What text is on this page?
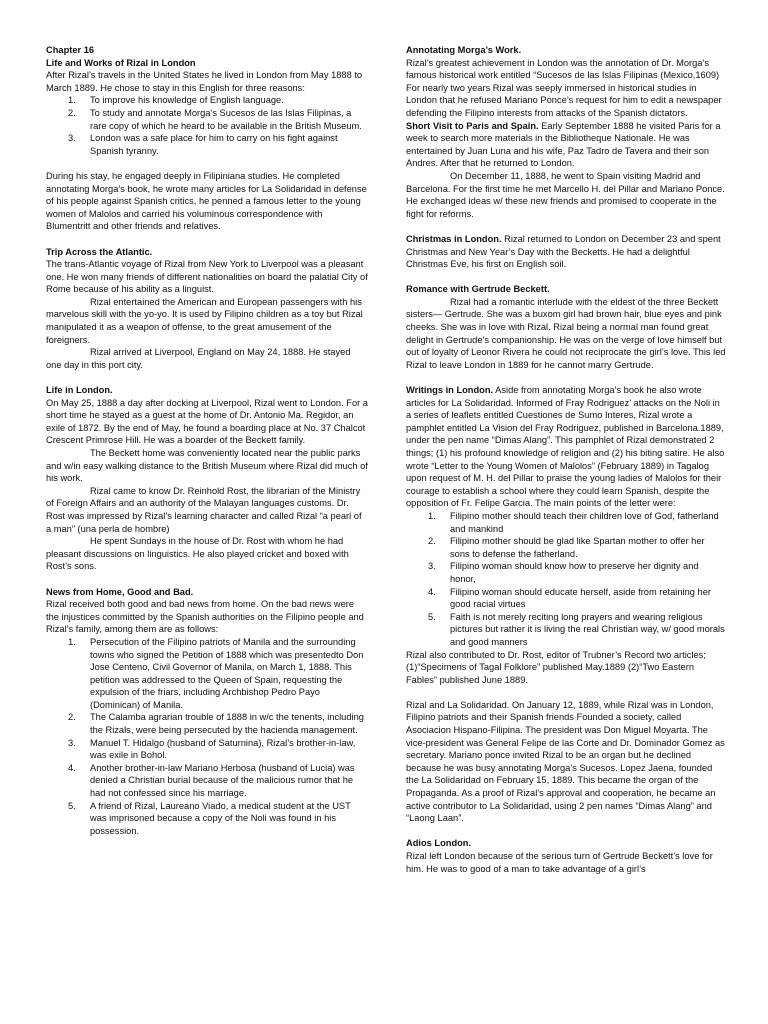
Chapter 16

Life and Works of Rizal in London

After Rizal’s travels in the United States he lived in London from May 1888 to March 1889. He chose to stay in this English for three reasons:

1. To improve his knowledge of English language.
2. To study and annotate Morga’s Sucesos de las Islas Filipinas, a rare copy of which he heard to be available in the British Museum.
3. London was a safe place for him to carry on his fight against Spanish tyranny.

During his stay, he engaged deeply in Filipiniana studies. He completed annotating Morga’s book, he wrote many articles for La Solidaridad in defense of his people against Spanish critics, he penned a famous letter to the young women of Malolos and carried his voluminous correspondence with Blumentritt and other friends and relatives.

Trip Across the Atlantic.

The trans-Atlantic voyage of Rizal from New York to Liverpool was a pleasant one. He won many friends of different nationalities on board the palatial City of Rome because of his ability as a linguist.

Rizal entertained the American and European passengers with his marvelous skill with the yo-yo. It is used by Filipino children as a toy but Rizal manipulated it as a weapon of offense, to the great amusement of the foreigners.

Rizal arrived at Liverpool, England on May 24, 1888. He stayed one day in this port city.

Life in London.

On May 25, 1888 a day after docking at Liverpool, Rizal went to London. For a short time he stayed as a guest at the home of Dr. Antonio Ma. Regidor, an exile of 1872. By the end of May, he found a boarding place at No. 37 Chalcot Crescent Primrose Hill. He was a boarder of the Beckett family.

The Beckett home was conveniently located near the public parks and w/in easy walking distance to the British Museum where Rizal did much of his work.

Rizal came to know Dr. Reinhold Rost, the librarian of the Ministry of Foreign Affairs and an authority of the Malayan languages customs. Dr. Rost was impressed by Rizal’s learning character and called Rizal “a pearl of a man” (una perla de hombre)

He spent Sundays in the house of Dr. Rost with whom he had pleasant discussions on linguistics. He also played cricket and boxed with Rost’s sons.

News from Home, Good and Bad.

Rizal received both good and bad news from home. On the bad news were the injustices committed by the Spanish authorities on the Filipino people and Rizal’s family, among them are as follows:

1. Persecution of the Filipino patriots of Manila and the surrounding towns who signed the Petition of 1888 which was presentedto Don Jose Centeno, Civil Governor of Manila, on March 1, 1888. This petition was addressed to the Queen of Spain, requesting the expulsion of the friars, including Archbishop Pedro Payo (Dominican) of Manila.
2. The Calamba agrarian trouble of 1888 in w/c the tenents, including the Rizals, were being persecuted by the hacienda management.
3. Manuel T. Hidalgo (husband of Saturnina), Rizal’s brother-in-law, was exile in Bohol.
4. Another brother-in-law Mariano Herbosa (husband of Lucia) was denied a Christian burial because of the malicious rumor that he had not confessed since his marriage.
5. A friend of Rizal, Laureano Viado, a medical student at the UST was imprisoned because a copy of the Noli was found in his possession.

Annotating Morga’s Work.

Rizal’s greatest achievement in London was the annotation of Dr. Morga’s famous historical work entitled “Sucesos de las Islas Filipinas (Mexico,1609) For nearly two years Rizal was seeply immersed in historical studies in London that he refused Mariano Ponce’s request for him to edit a newspaper defending the Filipino interests from attacks of the Spanish dictators.

Short Visit to Paris and Spain. Early September 1888 he visited Paris for a week to search more materials in the Bibliotheque Nationale. He was entertained by Juan Luna and his wife, Paz Tadro de Tavera and their son Andres. After that he returned to London.

On December 11, 1888, he went to Spain visiting Madrid and Barcelona. For the first time he met Marcello H. del Pillar and Mariano Ponce. He exchanged ideas w/ these new friends and promised to cooperate in the fight for reforms.

Christmas in London. Rizal returned to London on December 23 and spent Christmas and New Year’s Day with the Becketts. He had a delightful Christmas Eve, his first on English soil.

Romance with Gertrude Beckett.

Rizal had a romantic interlude with the eldest of the three Beckett sisters— Gertrude. She was a buxom girl had brown hair, blue eyes and pink cheeks. She was in love with Rizal. Rizal being a normal man found great delight in Gertrude’s companionship. He was on the verge of love himself but out of loyalty of Leonor Rivera he could not reciprocate the girl’s love. This led Rizal to leave London in 1889 for he cannot marry Gertrude.

Writings in London. Aside from annotating Morga’s book he also wrote articles for La Solidaridad. Informed of Fray Rodriguez’ attacks on the Noli in a series of leaflets entitled Cuestiones de Sumo Interes, Rizal wrote a pamphlet entitled La Vision del Fray Rodriguez, published in Barcelona.1889, under the pen name “Dimas Alang”. This pamphlet of Rizal demonstrated 2 things; (1) his profound knowledge of religion and (2) his biting satire. He also wrote “Letter to the Young Women of Malolos” (February 1889) in Tagalog upon request of M. H. del Pillar to praise the young ladies of Malolos for their courage to establish a school where they could learn Spanish, despite the opposition of Fr. Felipe Garcia. The main points of the letter were:

1. Filipino mother should teach their children love of God, fatherland and mankind
2. Filipino mother should be glad like Spartan mother to offer her sons to defense the fatherland.
3. Filipino woman should know how to preserve her dignity and honor,
4. Filipino woman should educate herself, aside from retaining her good racial virtues
5. Faith is not merely reciting long prayers and wearing religious pictures but rather it is living the real Christian way, w/ good morals and good manners

Rizal also contributed to Dr. Rost, editor of Trubner’s Record two articles; (1)“Specimens of Tagal Folklore” published May.1889 (2)“Two Eastern Fables” published June 1889.

Rizal and La Solidaridad. On January 12, 1889, while Rizal was in London, Filipino patriots and their Spanish friends Founded a society, called Asociacion Hispano-Filipina. The president was Don Miguel Moyarta. The vice-president was General Felipe de las Corte and Dr. Dominador Gomez as secretary. Mariano ponce invited Rizal to be an organ but he declined because he was busy annotating Morga’s Sucesos. Lopez Jaena, founded the La Solidaridad on February 15, 1889. This became the organ of the Propaganda. As a proof of Rizal’s approval and cooperation, he became an active contributor to La Solidaridad, using 2 pen names “Dimas Alang” and “Laong Laan”.

Adios London.

Rizal left London because of the serious turn of Gertrude Beckett’s love for him. He was to good of a man to take advantage of a girl’s
